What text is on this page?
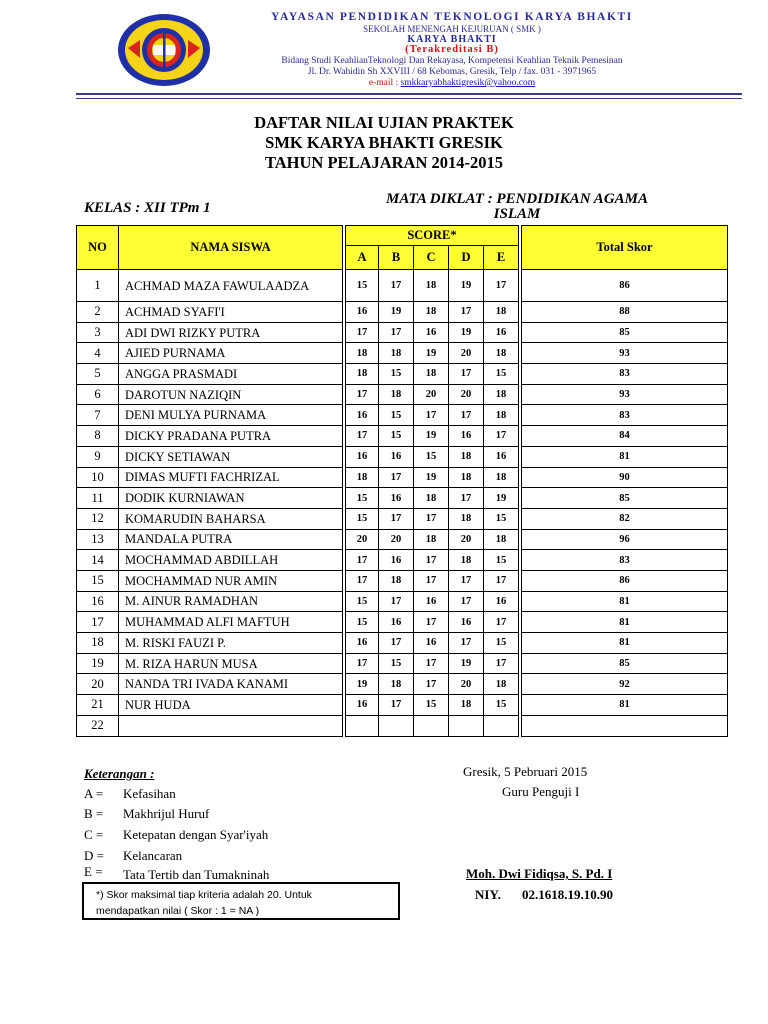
YAYASAN PENDIDIKAN TEKNOLOGI KARYA BHAKTI
SEKOLAH MENENGAH KEJURUAN ( SMK )
KARYA BHAKTI
(Terakreditasi B)
Bidang Studi KeahlianTeknologi Dan Rekayasa, Kompetensi Keahlian Teknik Pemesinan
Jl. Dr. Wahidin Sh XXVIII / 68 Kebomas, Gresik, Telp / fax. 031 - 3971965
e-mail : smkkaryabhaktigresik@yahoo.com
DAFTAR NILAI UJIAN PRAKTEK
SMK KARYA BHAKTI GRESIK
TAHUN PELAJARAN 2014-2015
KELAS : XII TPm 1
MATA DIKLAT : PENDIDIKAN AGAMA ISLAM
NO	NAMA SISWA		SCORE*						Total Skor
			A	B	C	D	E		
1	ACHMAD MAZA FAWULAADZA		15	17	18	19	17		86
2	ACHMAD SYAFI'I		16	19	18	17	18		88
3	ADI DWI RIZKY PUTRA		17	17	16	19	16		85
4	AJIED PURNAMA		18	18	19	20	18		93
5	ANGGA PRASMADI		18	15	18	17	15		83
6	DAROTUN NAZIQIN		17	18	20	20	18		93
7	DENI MULYA PURNAMA		16	15	17	17	18		83
8	DICKY PRADANA PUTRA		17	15	19	16	17		84
9	DICKY SETIAWAN		16	16	15	18	16		81
10	DIMAS MUFTI FACHRIZAL		18	17	19	18	18		90
11	DODIK KURNIAWAN		15	16	18	17	19		85
12	KOMARUDIN BAHARSA		15	17	17	18	15		82
13	MANDALA PUTRA		20	20	18	20	18		96
14	MOCHAMMAD ABDILLAH		17	16	17	18	15		83
15	MOCHAMMAD NUR AMIN		17	18	17	17	17		86
16	M. AINUR RAMADHAN		15	17	16	17	16		81
17	MUHAMMAD ALFI MAFTUH		15	16	17	16	17		81
18	M. RISKI FAUZI P.		16	17	16	17	15		81
19	M. RIZA HARUN MUSA		17	15	17	19	17		85
20	NANDA TRI IVADA KANAMI		19	18	17	20	18		92
21	NUR HUDA		16	17	15	18	15		81
22									
Keterangan :
A = Kefasihan
B = Makhrijul Huruf
C = Ketepatan dengan Syar'iyah
D = Kelancaran
E = Tata Tertib dan Tumakninah
*) Skor maksimal tiap kriteria adalah 20. Untuk
mendapatkan nilai ( Skor : 1 = NA )
Gresik, 5 Pebruari 2015
Guru Penguji I
Moh. Dwi Fidiqsa, S. Pd. I
NIY. 02.1618.19.10.90
